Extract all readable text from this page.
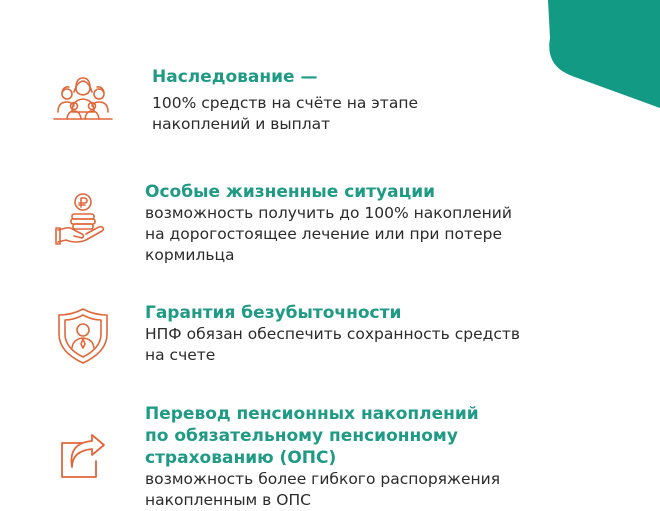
Наследование —

100% средств на счёте на этапе
накоплений и выплат

Особые жизненные ситуации

возможность получить до 100% накоплений
на дорогостоящее лечение или при потере
кормильца

Гарантия безубыточности

НПФ обязан обеспечить сохранность средств
на счете

Перевод пенсионных накоплений
по обязательному пенсионному
страхованию (ОПС)

возможность более гибкого распоряжения
накопленным в ОПС
